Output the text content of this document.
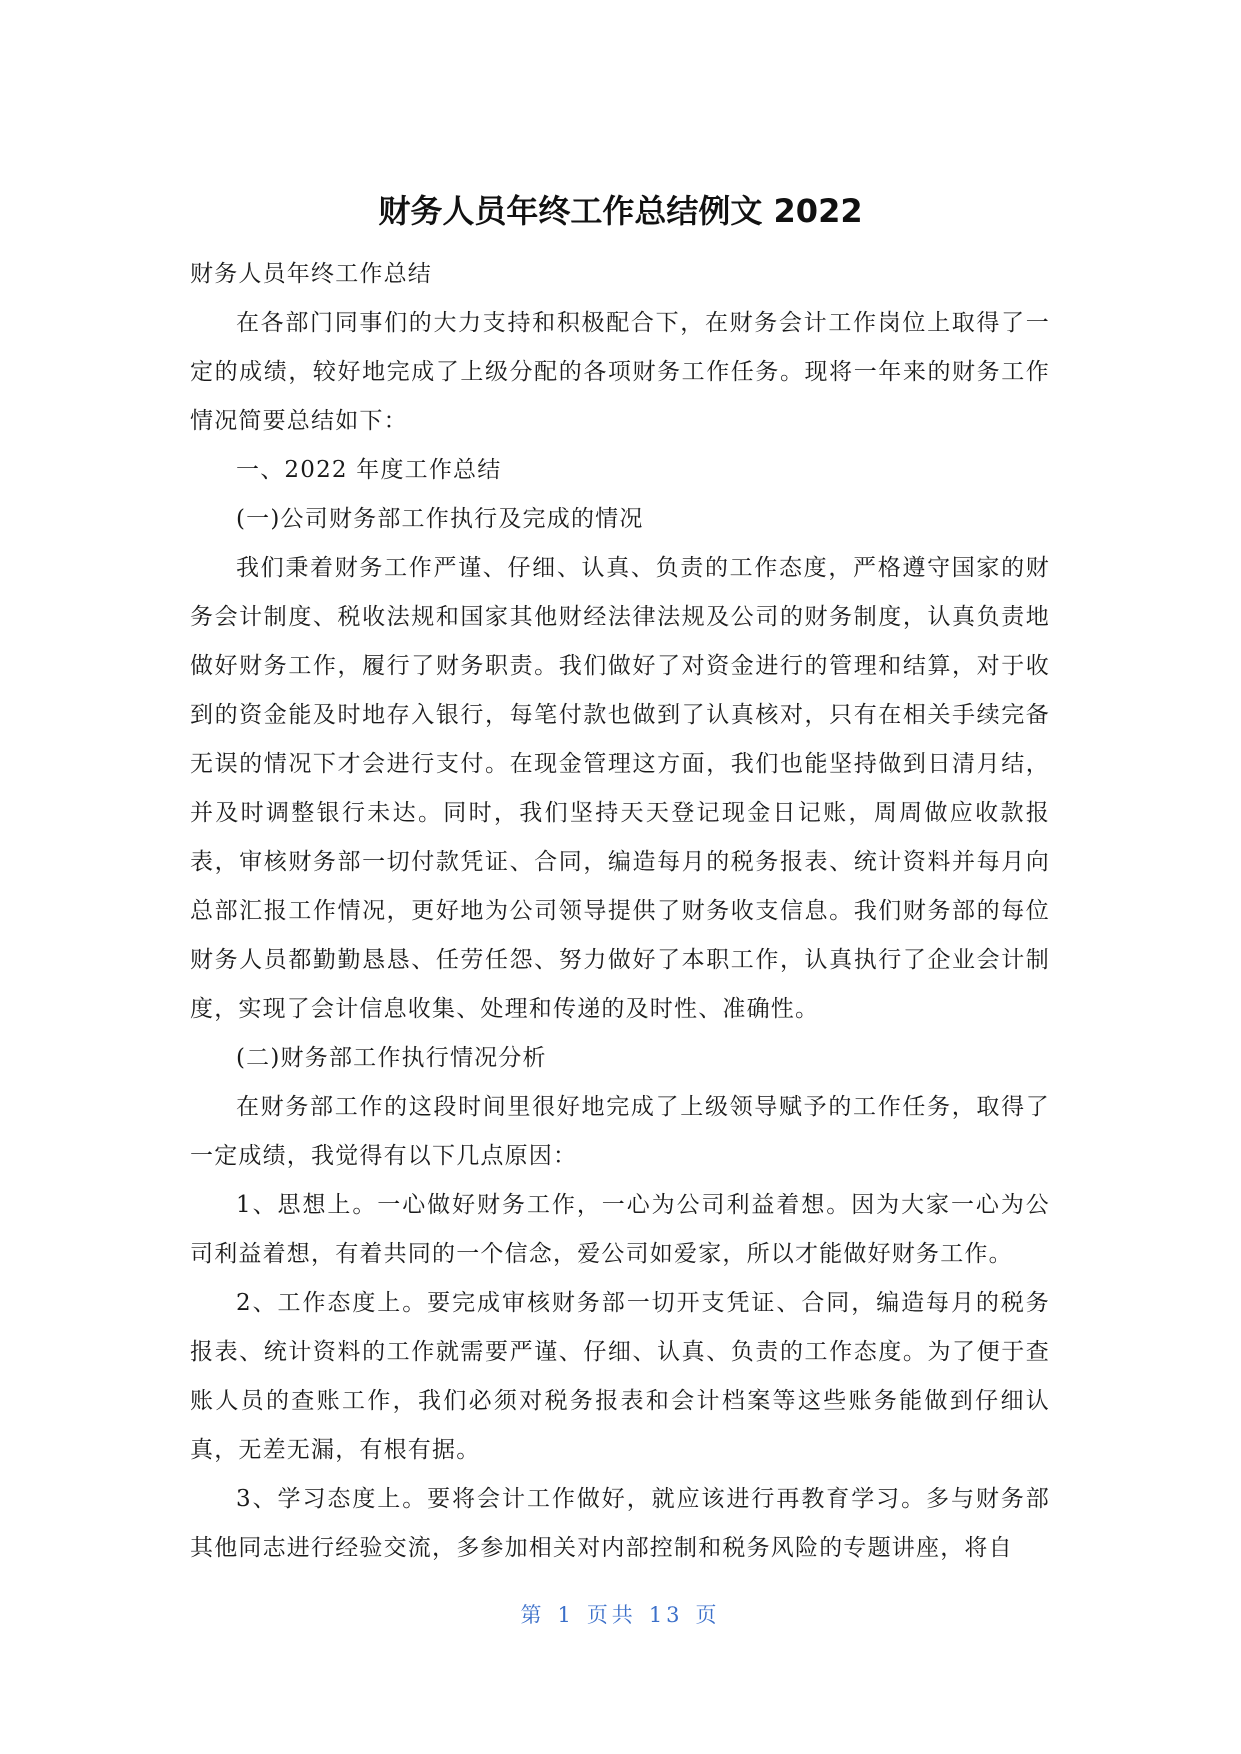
财务人员年终工作总结例文 2022

财务人员年终工作总结

在各部门同事们的大力支持和积极配合下，在财务会计工作岗位上取得了一定的成绩，较好地完成了上级分配的各项财务工作任务。现将一年来的财务工作情况简要总结如下：

一、2022 年度工作总结

(一)公司财务部工作执行及完成的情况

我们秉着财务工作严谨、仔细、认真、负责的工作态度，严格遵守国家的财务会计制度、税收法规和国家其他财经法律法规及公司的财务制度，认真负责地做好财务工作，履行了财务职责。我们做好了对资金进行的管理和结算，对于收到的资金能及时地存入银行，每笔付款也做到了认真核对，只有在相关手续完备无误的情况下才会进行支付。在现金管理这方面，我们也能坚持做到日清月结，并及时调整银行未达。同时，我们坚持天天登记现金日记账，周周做应收款报表，审核财务部一切付款凭证、合同，编造每月的税务报表、统计资料并每月向总部汇报工作情况，更好地为公司领导提供了财务收支信息。我们财务部的每位财务人员都勤勤恳恳、任劳任怨、努力做好了本职工作，认真执行了企业会计制度，实现了会计信息收集、处理和传递的及时性、准确性。

(二)财务部工作执行情况分析

在财务部工作的这段时间里很好地完成了上级领导赋予的工作任务，取得了一定成绩，我觉得有以下几点原因：

1、思想上。一心做好财务工作，一心为公司利益着想。因为大家一心为公司利益着想，有着共同的一个信念，爱公司如爱家，所以才能做好财务工作。

2、工作态度上。要完成审核财务部一切开支凭证、合同，编造每月的税务报表、统计资料的工作就需要严谨、仔细、认真、负责的工作态度。为了便于查账人员的查账工作，我们必须对税务报表和会计档案等这些账务能做到仔细认真，无差无漏，有根有据。

3、学习态度上。要将会计工作做好，就应该进行再教育学习。多与财务部其他同志进行经验交流，多参加相关对内部控制和税务风险的专题讲座，将自

第 1 页共 13 页
